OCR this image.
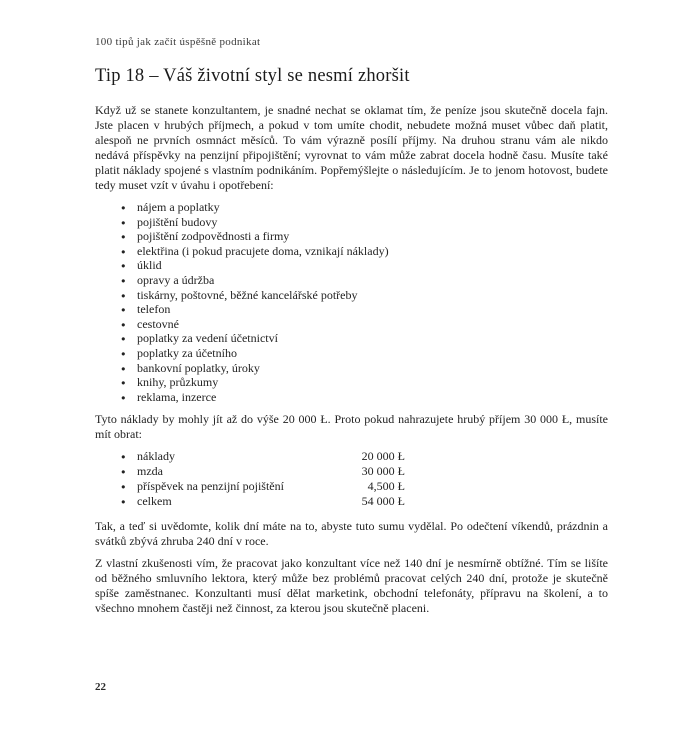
100 tipů jak začít úspěšně podnikat
Tip 18 – Váš životní styl se nesmí zhoršit

Když už se stanete konzultantem, je snadné nechat se oklamat tím, že peníze jsou skutečně docela fajn. Jste placen v hrubých příjmech, a pokud v tom umíte chodit, nebudete možná muset vůbec daň platit, alespoň ne prvních osmnáct měsíců. To vám výrazně posílí příjmy. Na druhou stranu vám ale nikdo nedává příspěvky na penzijní připojištění; vyrovnat to vám může zabrat docela hodně času. Musíte také platit náklady spojené s vlastním podnikáním. Popřemýšlejte o následujícím. Je to jenom hotovost, budete tedy muset vzít v úvahu i opotřebení:

● nájem a poplatky
● pojištění budovy
● pojištění zodpovědnosti a firmy
● elektřina (i pokud pracujete doma, vznikají náklady)
● úklid
● opravy a údržba
● tiskárny, poštovné, běžné kancelářské potřeby
● telefon
● cestovné
● poplatky za vedení účetnictví
● poplatky za účetního
● bankovní poplatky, úroky
● knihy, průzkumy
● reklama, inzerce

Tyto náklady by mohly jít až do výše 20 000 Ł. Proto pokud nahrazujete hrubý příjem 30 000 Ł, musíte mít obrat:

● náklady	20 000 Ł
● mzda	30 000 Ł
● příspěvek na penzijní pojištění	4,500 Ł
● celkem	54 000 Ł

Tak, a teď si uvědomte, kolik dní máte na to, abyste tuto sumu vydělal. Po odečtení víkendů, prázdnin a svátků zbývá zhruba 240 dní v roce.

Z vlastní zkušenosti vím, že pracovat jako konzultant více než 140 dní je nesmírně obtížné. Tím se lišíte od běžného smluvního lektora, který může bez problémů pracovat celých 240 dní, protože je skutečně spíše zaměstnanec. Konzultanti musí dělat marketink, obchodní telefonáty, přípravu na školení, a to všechno mnohem častěji než činnost, za kterou jsou skutečně placeni.

22
